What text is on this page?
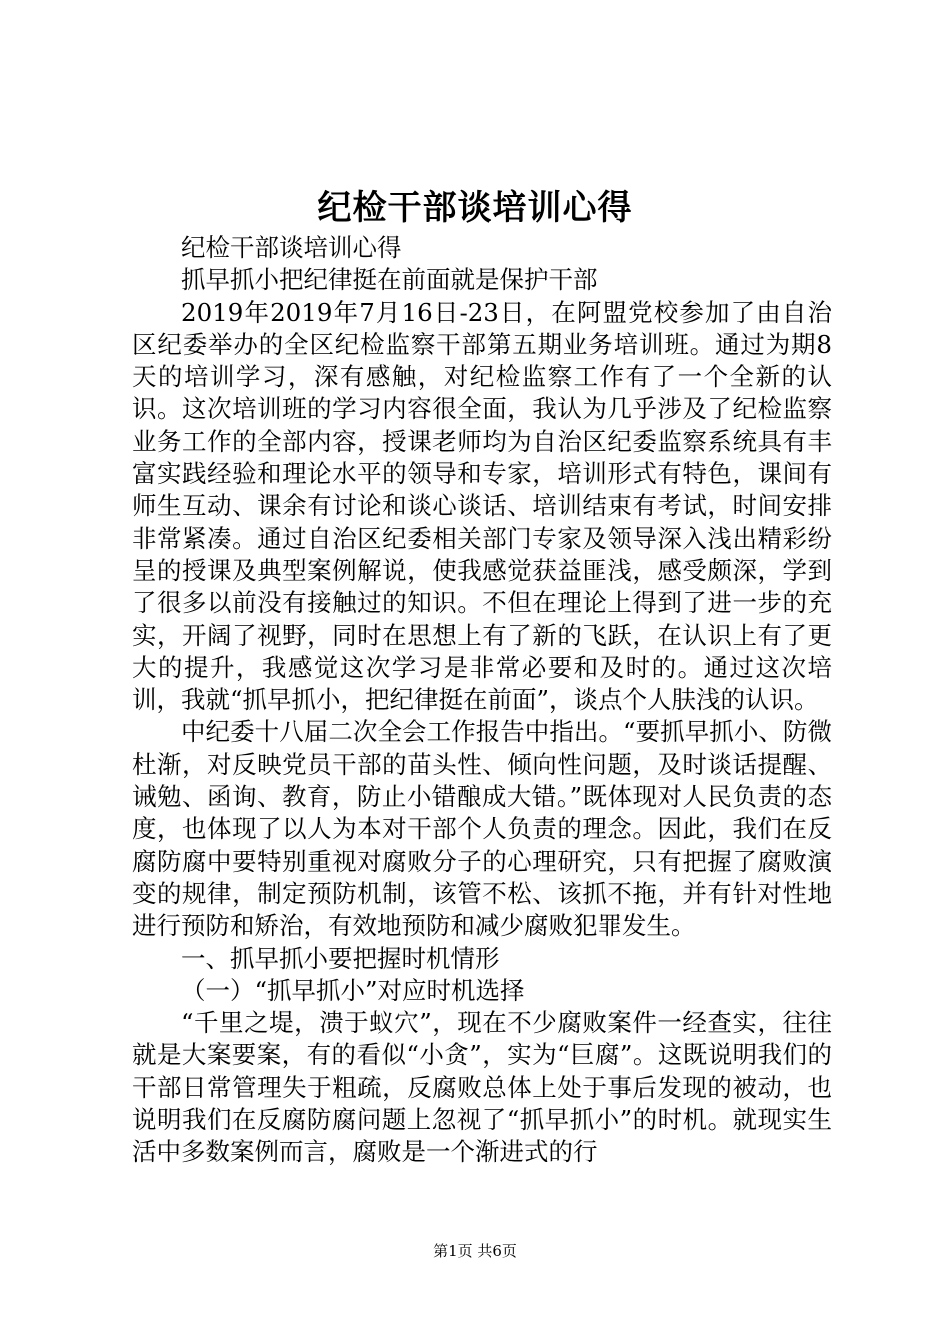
纪检干部谈培训心得

纪检干部谈培训心得

抓早抓小把纪律挺在前面就是保护干部

2019年2019年7月16日-23日，在阿盟党校参加了由自治区纪委举办的全区纪检监察干部第五期业务培训班。通过为期8天的培训学习，深有感触，对纪检监察工作有了一个全新的认识。这次培训班的学习内容很全面，我认为几乎涉及了纪检监察业务工作的全部内容，授课老师均为自治区纪委监察系统具有丰富实践经验和理论水平的领导和专家，培训形式有特色，课间有师生互动、课余有讨论和谈心谈话、培训结束有考试，时间安排非常紧凑。通过自治区纪委相关部门专家及领导深入浅出精彩纷呈的授课及典型案例解说，使我感觉获益匪浅，感受颇深，学到了很多以前没有接触过的知识。不但在理论上得到了进一步的充实，开阔了视野，同时在思想上有了新的飞跃，在认识上有了更大的提升，我感觉这次学习是非常必要和及时的。通过这次培训，我就“抓早抓小，把纪律挺在前面”，谈点个人肤浅的认识。

中纪委十八届二次全会工作报告中指出。“要抓早抓小、防微杜渐，对反映党员干部的苗头性、倾向性问题，及时谈话提醒、诫勉、函询、教育，防止小错酿成大错。”既体现对人民负责的态度，也体现了以人为本对干部个人负责的理念。因此，我们在反腐防腐中要特别重视对腐败分子的心理研究，只有把握了腐败演变的规律，制定预防机制，该管不松、该抓不拖，并有针对性地进行预防和矫治，有效地预防和减少腐败犯罪发生。

一、抓早抓小要把握时机情形

（一）“抓早抓小”对应时机选择

“千里之堤，溃于蚁穴”，现在不少腐败案件一经查实，往往就是大案要案，有的看似“小贪”，实为“巨腐”。这既说明我们的干部日常管理失于粗疏，反腐败总体上处于事后发现的被动，也说明我们在反腐防腐问题上忽视了“抓早抓小”的时机。就现实生活中多数案例而言，腐败是一个渐进式的行

第1页 共6页
